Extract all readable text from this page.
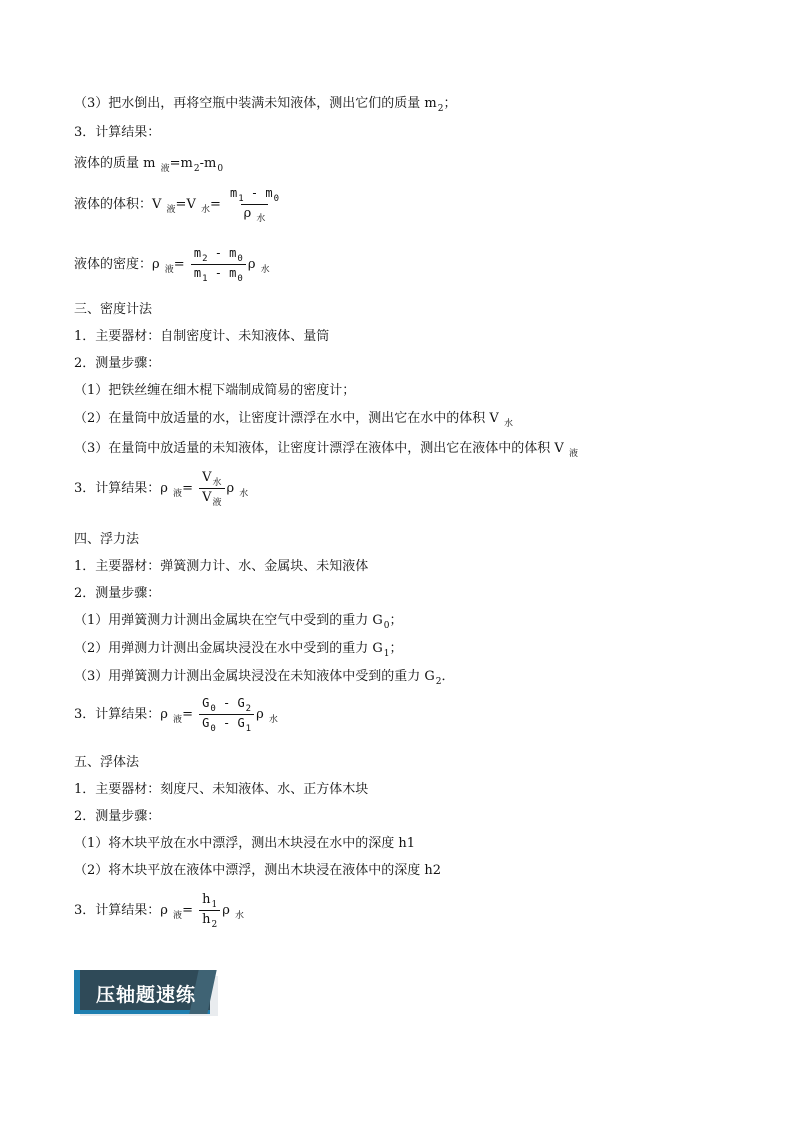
（3）把水倒出，再将空瓶中装满未知液体，测出它们的质量 $m_2$；
3．计算结果：
液体的质量 m $_液=m_2-m_0$
液体的体积：V $_液$=V $_水= \frac{m_1 - m_0}{\rho _水}$
液体的密度：ρ $_液= \frac{m_2 - m_0}{m_1 - m_0}$ ρ $_水$
三、密度计法
1．主要器材：自制密度计、未知液体、量筒
2．测量步骤：
（1）把铁丝缠在细木棍下端制成简易的密度计；
（2）在量筒中放适量的水，让密度计漂浮在水中，测出它在水中的体积 V $_水$
（3）在量筒中放适量的未知液体，让密度计漂浮在液体中，测出它在液体中的体积 V $_液$
3．计算结果：ρ $_液= \frac{V_水}{V_液}$ ρ $_水$
四、浮力法
1．主要器材：弹簧测力计、水、金属块、未知液体
2．测量步骤：
（1）用弹簧测力计测出金属块在空气中受到的重力 $G_0$；
（2）用弹测力计测出金属块浸没在水中受到的重力 $G_1$；
（3）用弹簧测力计测出金属块浸没在未知液体中受到的重力 $G_2$．
3．计算结果：ρ $_液= \frac{G_0 - G_2}{G_0 - G_1}$ ρ $_水$
五、浮体法
1．主要器材：刻度尺、未知液体、水、正方体木块
2．测量步骤：
（1）将木块平放在水中漂浮，测出木块浸在水中的深度 h1
（2）将木块平放在液体中漂浮，测出木块浸在液体中的深度 h2
3．计算结果：ρ $_液= \frac{h_1}{h_2}$ ρ $_水$
压轴题速练
